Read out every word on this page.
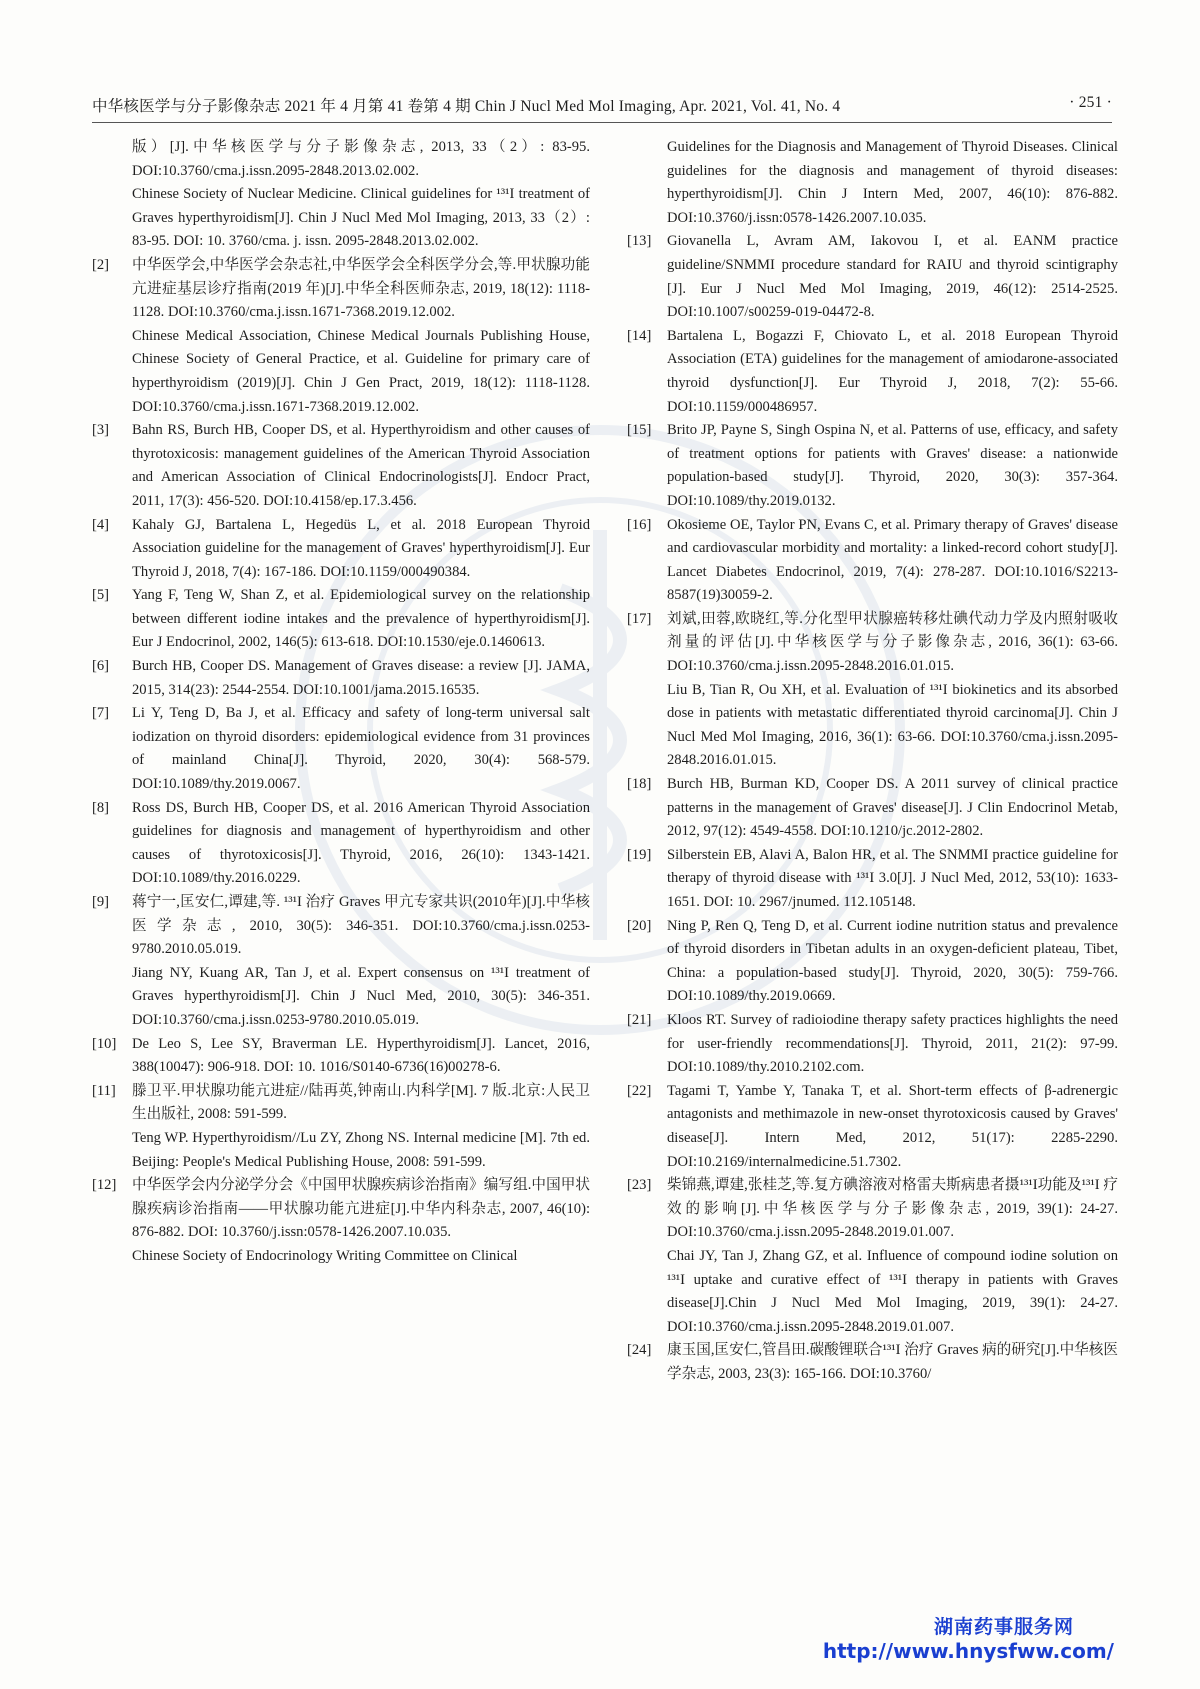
中华核医学与分子影像杂志 2021 年 4 月第 41 卷第 4 期 Chin J Nucl Med Mol Imaging, Apr. 2021, Vol. 41, No. 4	· 251 ·
版）[J].中华核医学与分子影像杂志, 2013, 33（2）: 83-95. DOI:10.3760/cma.j.issn.2095-2848.2013.02.002.
Chinese Society of Nuclear Medicine. Clinical guidelines for ¹³¹I treatment of Graves hyperthyroidism[J]. Chin J Nucl Med Mol Imaging, 2013, 33（2）: 83-95. DOI: 10. 3760/cma. j. issn. 2095-2848.2013.02.002.
[2] 中华医学会,中华医学会杂志社,中华医学会全科医学分会,等.甲状腺功能亢进症基层诊疗指南(2019 年)[J].中华全科医师杂志, 2019, 18(12): 1118-1128. DOI:10.3760/cma.j.issn.1671-7368.2019.12.002.
Chinese Medical Association, Chinese Medical Journals Publishing House, Chinese Society of General Practice, et al. Guideline for primary care of hyperthyroidism (2019)[J]. Chin J Gen Pract, 2019, 18(12): 1118-1128. DOI:10.3760/cma.j.issn.1671-7368.2019.12.002.
[3] Bahn RS, Burch HB, Cooper DS, et al. Hyperthyroidism and other causes of thyrotoxicosis: management guidelines of the American Thyroid Association and American Association of Clinical Endocrinologists[J]. Endocr Pract, 2011, 17(3): 456-520. DOI:10.4158/ep.17.3.456.
[4] Kahaly GJ, Bartalena L, Hegedüs L, et al. 2018 European Thyroid Association guideline for the management of Graves' hyperthyroidism[J]. Eur Thyroid J, 2018, 7(4): 167-186. DOI:10.1159/000490384.
[5] Yang F, Teng W, Shan Z, et al. Epidemiological survey on the relationship between different iodine intakes and the prevalence of hyperthyroidism[J]. Eur J Endocrinol, 2002, 146(5): 613-618. DOI:10.1530/eje.0.1460613.
[6] Burch HB, Cooper DS. Management of Graves disease: a review [J]. JAMA, 2015, 314(23): 2544-2554. DOI:10.1001/jama.2015.16535.
[7] Li Y, Teng D, Ba J, et al. Efficacy and safety of long-term universal salt iodization on thyroid disorders: epidemiological evidence from 31 provinces of mainland China[J]. Thyroid, 2020, 30(4): 568-579. DOI:10.1089/thy.2019.0067.
[8] Ross DS, Burch HB, Cooper DS, et al. 2016 American Thyroid Association guidelines for diagnosis and management of hyperthyroidism and other causes of thyrotoxicosis[J]. Thyroid, 2016, 26(10): 1343-1421. DOI:10.1089/thy.2016.0229.
[9] 蒋宁一,匡安仁,谭建,等. ¹³¹I 治疗 Graves 甲亢专家共识(2010年)[J].中华核医学杂志, 2010, 30(5): 346-351. DOI:10.3760/cma.j.issn.0253-9780.2010.05.019.
Jiang NY, Kuang AR, Tan J, et al. Expert consensus on ¹³¹I treatment of Graves hyperthyroidism[J]. Chin J Nucl Med, 2010, 30(5): 346-351. DOI:10.3760/cma.j.issn.0253-9780.2010.05.019.
[10] De Leo S, Lee SY, Braverman LE. Hyperthyroidism[J]. Lancet, 2016, 388(10047): 906-918. DOI: 10. 1016/S0140-6736(16)00278-6.
[11] 滕卫平.甲状腺功能亢进症//陆再英,钟南山.内科学[M]. 7 版.北京:人民卫生出版社, 2008: 591-599.
Teng WP. Hyperthyroidism//Lu ZY, Zhong NS. Internal medicine [M]. 7th ed. Beijing: People's Medical Publishing House, 2008: 591-599.
[12] 中华医学会内分泌学分会《中国甲状腺疾病诊治指南》编写组.中国甲状腺疾病诊治指南——甲状腺功能亢进症[J].中华内科杂志, 2007, 46(10): 876-882. DOI: 10.3760/j.issn:0578-1426.2007.10.035.
Chinese Society of Endocrinology Writing Committee on Clinical
Guidelines for the Diagnosis and Management of Thyroid Diseases. Clinical guidelines for the diagnosis and management of thyroid diseases: hyperthyroidism[J]. Chin J Intern Med, 2007, 46(10): 876-882. DOI:10.3760/j.issn:0578-1426.2007.10.035.
[13] Giovanella L, Avram AM, Iakovou I, et al. EANM practice guideline/SNMMI procedure standard for RAIU and thyroid scintigraphy [J]. Eur J Nucl Med Mol Imaging, 2019, 46(12): 2514-2525. DOI:10.1007/s00259-019-04472-8.
[14] Bartalena L, Bogazzi F, Chiovato L, et al. 2018 European Thyroid Association (ETA) guidelines for the management of amiodarone-associated thyroid dysfunction[J]. Eur Thyroid J, 2018, 7(2): 55-66. DOI:10.1159/000486957.
[15] Brito JP, Payne S, Singh Ospina N, et al. Patterns of use, efficacy, and safety of treatment options for patients with Graves' disease: a nationwide population-based study[J]. Thyroid, 2020, 30(3): 357-364. DOI:10.1089/thy.2019.0132.
[16] Okosieme OE, Taylor PN, Evans C, et al. Primary therapy of Graves' disease and cardiovascular morbidity and mortality: a linked-record cohort study[J]. Lancet Diabetes Endocrinol, 2019, 7(4): 278-287. DOI:10.1016/S2213-8587(19)30059-2.
[17] 刘斌,田蓉,欧晓红,等.分化型甲状腺癌转移灶碘代动力学及内照射吸收剂量的评估[J].中华核医学与分子影像杂志, 2016, 36(1): 63-66. DOI:10.3760/cma.j.issn.2095-2848.2016.01.015.
Liu B, Tian R, Ou XH, et al. Evaluation of ¹³¹I biokinetics and its absorbed dose in patients with metastatic differentiated thyroid carcinoma[J]. Chin J Nucl Med Mol Imaging, 2016, 36(1): 63-66. DOI:10.3760/cma.j.issn.2095-2848.2016.01.015.
[18] Burch HB, Burman KD, Cooper DS. A 2011 survey of clinical practice patterns in the management of Graves' disease[J]. J Clin Endocrinol Metab, 2012, 97(12): 4549-4558. DOI:10.1210/jc.2012-2802.
[19] Silberstein EB, Alavi A, Balon HR, et al. The SNMMI practice guideline for therapy of thyroid disease with ¹³¹I 3.0[J]. J Nucl Med, 2012, 53(10): 1633-1651. DOI: 10. 2967/jnumed. 112.105148.
[20] Ning P, Ren Q, Teng D, et al. Current iodine nutrition status and prevalence of thyroid disorders in Tibetan adults in an oxygen-deficient plateau, Tibet, China: a population-based study[J]. Thyroid, 2020, 30(5): 759-766. DOI:10.1089/thy.2019.0669.
[21] Kloos RT. Survey of radioiodine therapy safety practices highlights the need for user-friendly recommendations[J]. Thyroid, 2011, 21(2): 97-99. DOI:10.1089/thy.2010.2102.com.
[22] Tagami T, Yambe Y, Tanaka T, et al. Short-term effects of β-adrenergic antagonists and methimazole in new-onset thyrotoxicosis caused by Graves' disease[J]. Intern Med, 2012, 51(17): 2285-2290. DOI:10.2169/internalmedicine.51.7302.
[23] 柴锦燕,谭建,张桂芝,等.复方碘溶液对格雷夫斯病患者摄¹³¹I功能及¹³¹I 疗效的影响[J].中华核医学与分子影像杂志, 2019, 39(1): 24-27. DOI:10.3760/cma.j.issn.2095-2848.2019.01.007.
Chai JY, Tan J, Zhang GZ, et al. Influence of compound iodine solution on ¹³¹I uptake and curative effect of ¹³¹I therapy in patients with Graves disease[J].Chin J Nucl Med Mol Imaging, 2019, 39(1): 24-27. DOI:10.3760/cma.j.issn.2095-2848.2019.01.007.
[24] 康玉国,匡安仁,管昌田.碳酸锂联合¹³¹I 治疗 Graves 病的研究[J].中华核医学杂志, 2003, 23(3): 165-166. DOI:10.3760/
湖南药事服务网
http://www.hnysfww.com/
